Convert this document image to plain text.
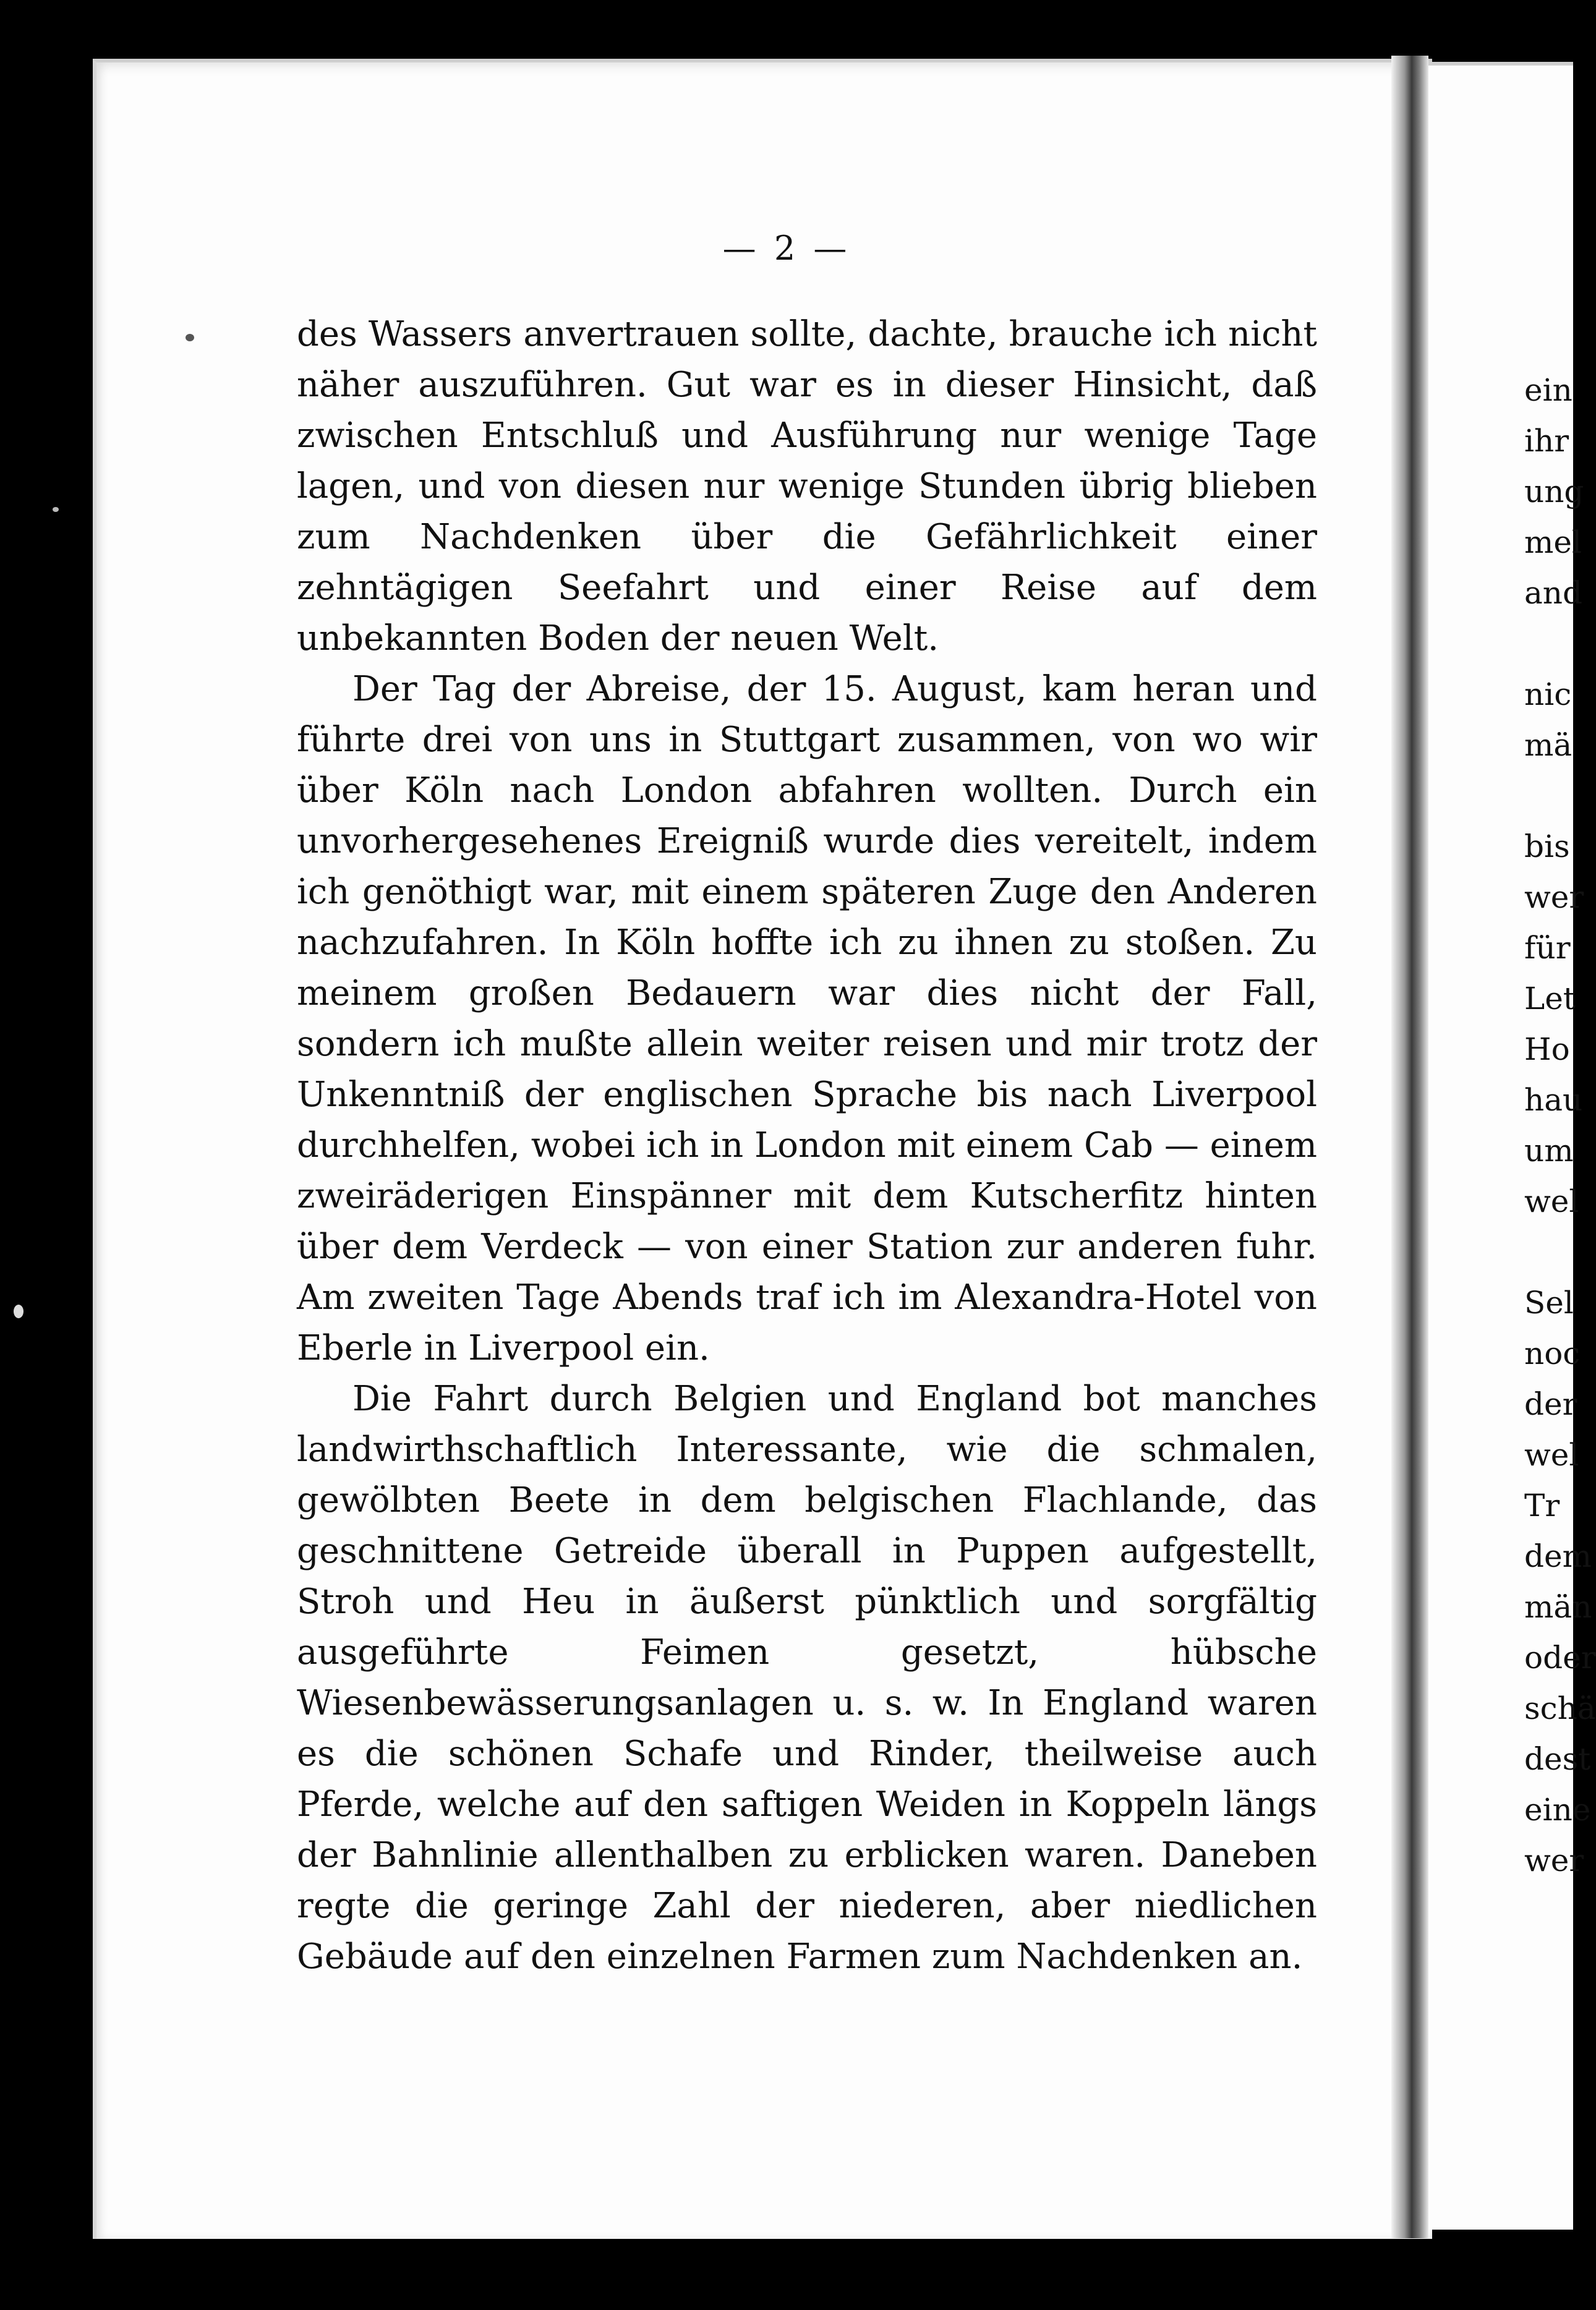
— 2 —

des Wassers anvertrauen sollte, dachte, brauche ich nicht näher auszuführen. Gut war es in dieser Hinsicht, daß zwischen Entschluß und Ausführung nur wenige Tage lagen, und von diesen nur wenige Stunden übrig blieben zum Nachdenken über die Gefährlichkeit einer zehntägigen Seefahrt und einer Reise auf dem unbekannten Boden der neuen Welt.

Der Tag der Abreise, der 15. August, kam heran und führte drei von uns in Stuttgart zusammen, von wo wir über Köln nach London abfahren wollten. Durch ein unvorhergesehenes Ereigniß wurde dies vereitelt, indem ich genöthigt war, mit einem späteren Zuge den Anderen nachzufahren. In Köln hoffte ich zu ihnen zu stoßen. Zu meinem großen Bedauern war dies nicht der Fall, sondern ich mußte allein weiter reisen und mir trotz der Unkenntniß der englischen Sprache bis nach Liverpool durchhelfen, wobei ich in London mit einem Cab — einem zweiräderigen Einspänner mit dem Kutscherfitz hinten über dem Verdeck — von einer Station zur anderen fuhr. Am zweiten Tage Abends traf ich im Alexandra-Hotel von Eberle in Liverpool ein.

Die Fahrt durch Belgien und England bot manches landwirthschaftlich Interessante, wie die schmalen, gewölbten Beete in dem belgischen Flachlande, das geschnittene Getreide überall in Puppen aufgestellt, Stroh und Heu in äußerst pünktlich und sorgfältig ausgeführte Feimen gesetzt, hübsche Wiesenbewässerungsanlagen u. s. w. In England waren es die schönen Schafe und Rinder, theilweise auch Pferde, welche auf den saftigen Weiden in Koppeln längs der Bahnlinie allenthalben zu erblicken waren. Daneben regte die geringe Zahl der niederen, aber niedlichen Gebäude auf den einzelnen Farmen zum Nachdenken an.

ein
ihr
ung
mel
and
nic
mä
bis
wer
für
Let
Ho
hau
um
wel
Sel
noc
der
wel
Tr
dem
män
oder
schä
dest
eine
wer
